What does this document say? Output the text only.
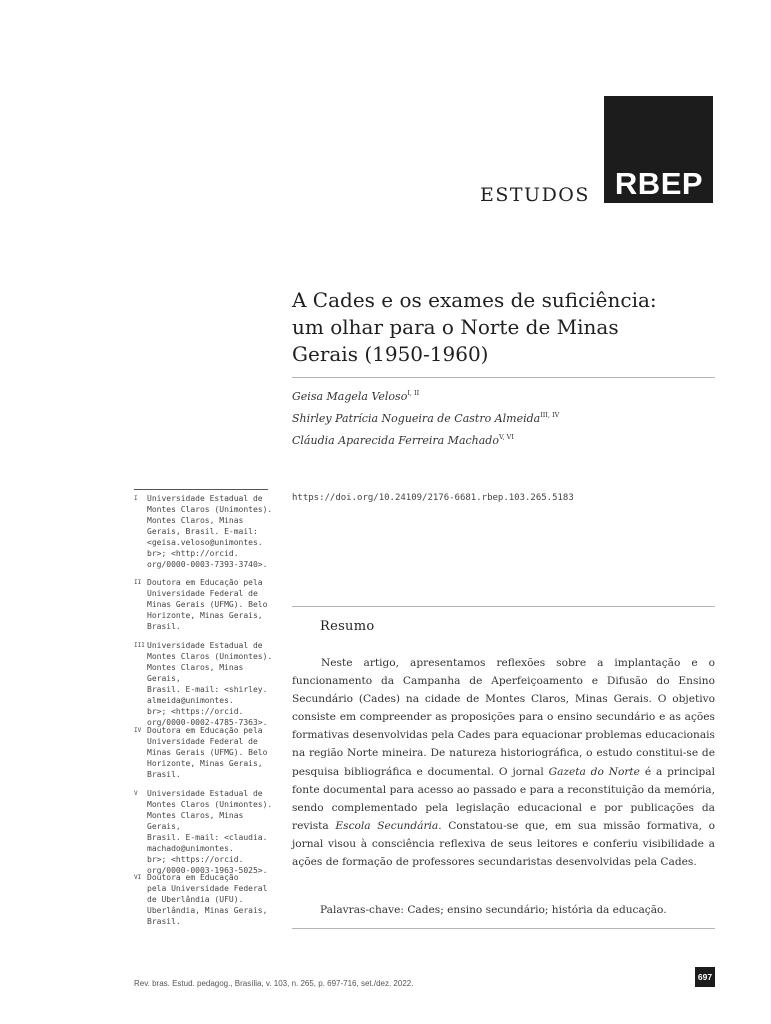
RBEP
ESTUDOS
A Cades e os exames de suficiência:
um olhar para o Norte de Minas
Gerais (1950-1960)
Geisa Magela Veloso$^{I, II}$
Shirley Patrícia Nogueira de Castro Almeida$^{III, IV}$
Cláudia Aparecida Ferreira Machado$^{V, VI}$
https://doi.org/10.24109/2176-6681.rbep.103.265.5183
I Universidade Estadual de
Montes Claros (Unimontes).
Montes Claros, Minas
Gerais, Brasil. E-mail:
<geisa.veloso@unimontes.
br>; <http://orcid.
org/0000-0003-7393-3740>.
II Doutora em Educação pela
Universidade Federal de
Minas Gerais (UFMG). Belo
Horizonte, Minas Gerais,
Brasil.
III Universidade Estadual de
Montes Claros (Unimontes).
Montes Claros, Minas Gerais,
Brasil. E-mail: <shirley.
almeida@unimontes.
br>; <https://orcid.
org/0000-0002-4785-7363>.
IV Doutora em Educação pela
Universidade Federal de
Minas Gerais (UFMG). Belo
Horizonte, Minas Gerais,
Brasil.
V Universidade Estadual de
Montes Claros (Unimontes).
Montes Claros, Minas Gerais,
Brasil. E-mail: <claudia.
machado@unimontes.
br>; <https://orcid.
org/0000-0003-1963-5025>.
VI Doutora em Educação
pela Universidade Federal
de Uberlândia (UFU).
Uberlândia, Minas Gerais,
Brasil.
Resumo

Neste artigo, apresentamos reflexões sobre a implantação e o funcionamento da Campanha de Aperfeiçoamento e Difusão do Ensino Secundário (Cades) na cidade de Montes Claros, Minas Gerais. O objetivo consiste em compreender as proposições para o ensino secundário e as ações formativas desenvolvidas pela Cades para equacionar problemas educacionais na região Norte mineira. De natureza historiográfica, o estudo constitui-se de pesquisa bibliográfica e documental. O jornal Gazeta do Norte é a principal fonte documental para acesso ao passado e para a reconstituição da memória, sendo complementado pela legislação educacional e por publicações da revista Escola Secundária. Constatou-se que, em sua missão formativa, o jornal visou à consciência reflexiva de seus leitores e conferiu visibilidade a ações de formação de professores secundaristas desenvolvidas pela Cades.

Palavras-chave: Cades; ensino secundário; história da educação.
Rev. bras. Estud. pedagog., Brasília, v. 103, n. 265, p. 697-716, set./dez. 2022.
697
